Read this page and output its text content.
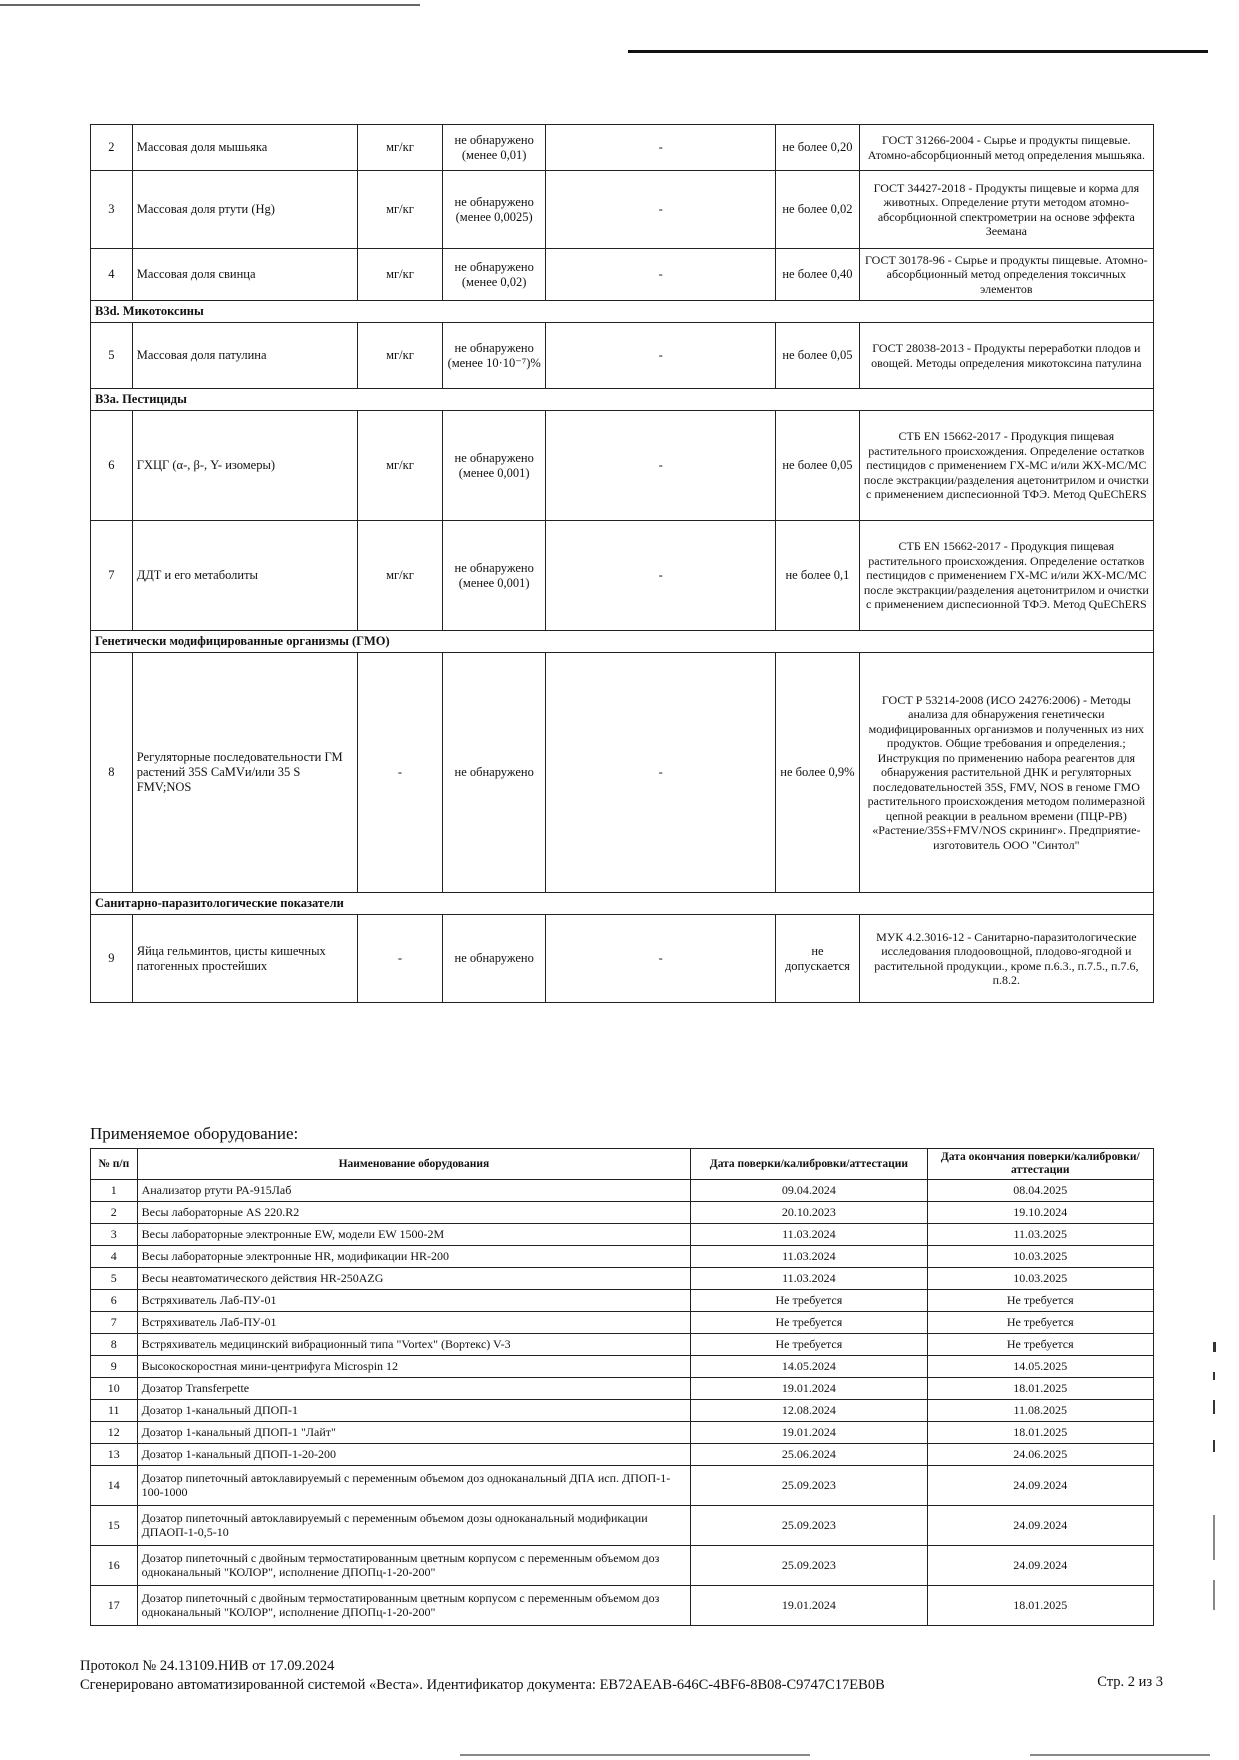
2	Массовая доля мышьяка	мг/кг	не обнаружено (менее 0,01)	-	не более 0,20	ГОСТ 31266-2004 - Сырье и продукты пищевые. Атомно-абсорбционный метод определения мышьяка.
3	Массовая доля ртути (Hg)	мг/кг	не обнаружено (менее 0,0025)	-	не более 0,02	ГОСТ 34427-2018 - Продукты пищевые и корма для животных. Определение ртути методом атомно-абсорбционной спектрометрии на основе эффекта Зеемана
4	Массовая доля свинца	мг/кг	не обнаружено (менее 0,02)	-	не более 0,40	ГОСТ 30178-96 - Сырье и продукты пищевые. Атомно-абсорбционный метод определения токсичных элементов
В3d. Микотоксины						
5	Массовая доля патулина	мг/кг	не обнаружено (менее 10·10⁻⁷)%	-	не более 0,05	ГОСТ 28038-2013 - Продукты переработки плодов и овощей. Методы определения микотоксина патулина
В3а. Пестициды						
6	ГХЦГ (α-, β-, Y- изомеры)	мг/кг	не обнаружено (менее 0,001)	-	не более 0,05	СТБ EN 15662-2017 - Продукция пищевая растительного происхождения. Определение остатков пестицидов с применением ГХ-МС и/или ЖХ-МС/МС после экстракции/разделения ацетонитрилом и очистки с применением диспесионной ТФЭ. Метод QuEChERS
7	ДДТ и его метаболиты	мг/кг	не обнаружено (менее 0,001)	-	не более 0,1	СТБ EN 15662-2017 - Продукция пищевая растительного происхождения. Определение остатков пестицидов с применением ГХ-МС и/или ЖХ-МС/МС после экстракции/разделения ацетонитрилом и очистки с применением диспесионной ТФЭ. Метод QuEChERS
Генетически модифицированные организмы (ГМО)						
8	Регуляторные последовательности ГМ растений 35S CaMVи/или 35 S FMV;NOS	-	не обнаружено	-	не более 0,9%	ГОСТ Р 53214-2008 (ИСО 24276:2006) - Методы анализа для обнаружения генетически модифицированных организмов и полученных из них продуктов. Общие требования и определения.; Инструкция по применению набора реагентов для обнаружения растительной ДНК и регуляторных последовательностей 35S, FMV, NOS в геноме ГМО растительного происхождения методом полимеразной цепной реакции в реальном времени (ПЦР-РВ) «Растение/35S+FMV/NOS скрининг». Предприятие-изготовитель ООО "Синтол"
Санитарно-паразитологические показатели						
9	Яйца гельминтов, цисты кишечных патогенных простейших	-	не обнаружено	-	не допускается	МУК 4.2.3016-12 - Санитарно-паразитологические исследования плодоовощной, плодово-ягодной и растительной продукции., кроме п.6.3., п.7.5., п.7.6, п.8.2.
Применяемое оборудование:
№ п/п	Наименование оборудования	Дата поверки/калибровки/аттестации	Дата окончания поверки/калибровки/аттестации
1	Анализатор ртути РА-915Лаб	09.04.2024	08.04.2025
2	Весы лабораторные AS 220.R2	20.10.2023	19.10.2024
3	Весы лабораторные электронные EW, модели EW 1500-2M	11.03.2024	11.03.2025
4	Весы лабораторные электронные HR, модификации HR-200	11.03.2024	10.03.2025
5	Весы неавтоматического действия HR-250AZG	11.03.2024	10.03.2025
6	Встряхиватель Лаб-ПУ-01	Не требуется	Не требуется
7	Встряхиватель Лаб-ПУ-01	Не требуется	Не требуется
8	Встряхиватель медицинский вибрационный типа "Vortex" (Вортекс) V-3	Не требуется	Не требуется
9	Высокоскоростная мини-центрифуга Microspin 12	14.05.2024	14.05.2025
10	Дозатор Transferpette	19.01.2024	18.01.2025
11	Дозатор 1-канальный ДПОП-1	12.08.2024	11.08.2025
12	Дозатор 1-канальный ДПОП-1 "Лайт"	19.01.2024	18.01.2025
13	Дозатор 1-канальный ДПОП-1-20-200	25.06.2024	24.06.2025
14	Дозатор пипеточный автоклавируемый с переменным объемом доз одноканальный ДПА исп. ДПОП-1-100-1000	25.09.2023	24.09.2024
15	Дозатор пипеточный автоклавируемый с переменным объемом дозы одноканальный модификации ДПАОП-1-0,5-10	25.09.2023	24.09.2024
16	Дозатор пипеточный с двойным термостатированным цветным корпусом с переменным объемом доз одноканальный "КОЛОР", исполнение ДПОПц-1-20-200"	25.09.2023	24.09.2024
17	Дозатор пипеточный с двойным термостатированным цветным корпусом с переменным объемом доз одноканальный "КОЛОР", исполнение ДПОПц-1-20-200"	19.01.2024	18.01.2025
Протокол № 24.13109.НИВ от 17.09.2024
Сгенерировано автоматизированной системой «Веста». Идентификатор документа: EB72AEAB-646C-4BF6-8B08-C9747C17EB0B	Стр. 2 из 3
